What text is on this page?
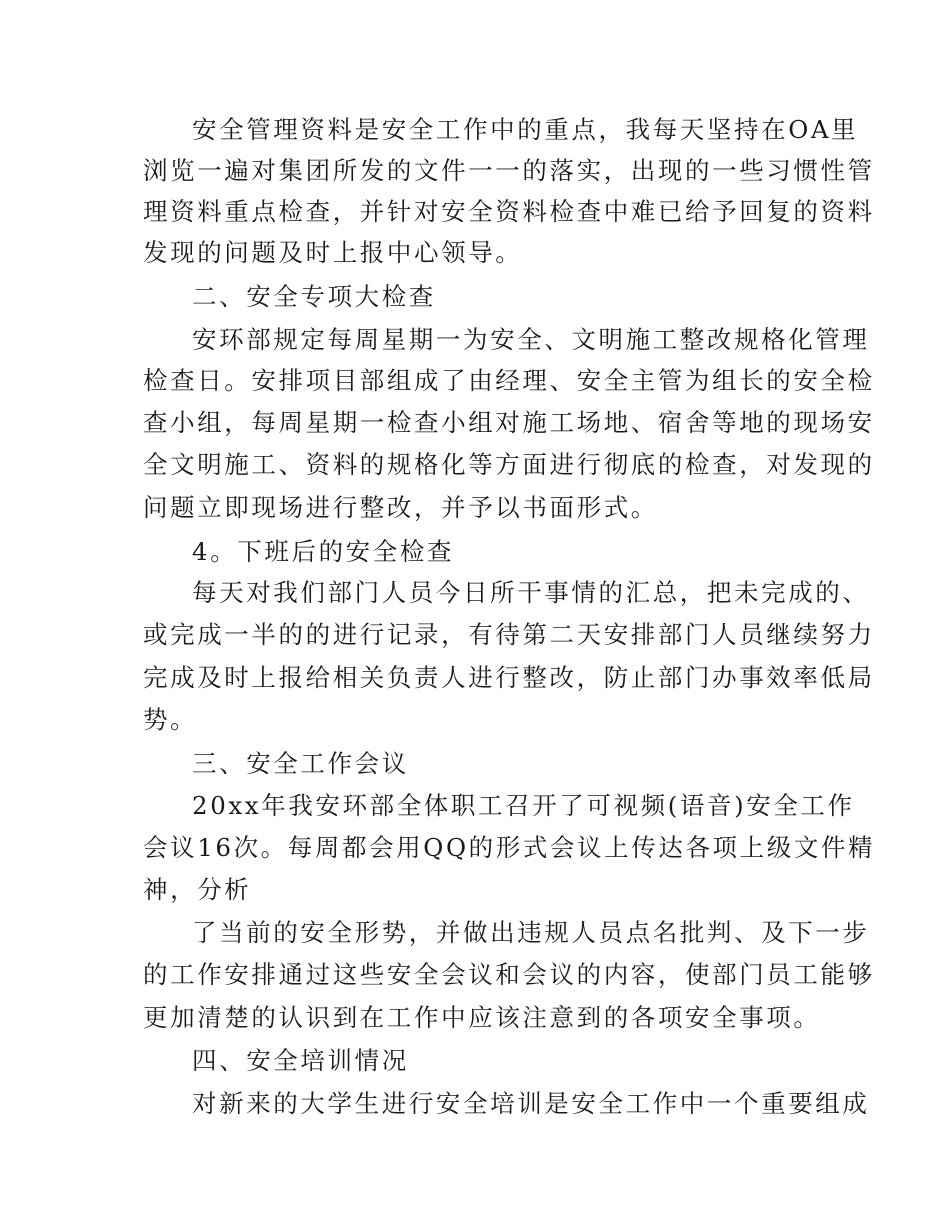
安全管理资料是安全工作中的重点，我每天坚持在OA里
浏览一遍对集团所发的文件一一的落实，出现的一些习惯性管
理资料重点检查，并针对安全资料检查中难已给予回复的资料
发现的问题及时上报中心领导。
二、安全专项大检查
安环部规定每周星期一为安全、文明施工整改规格化管理
检查日。安排项目部组成了由经理、安全主管为组长的安全检
查小组，每周星期一检查小组对施工场地、宿舍等地的现场安
全文明施工、资料的规格化等方面进行彻底的检查，对发现的
问题立即现场进行整改，并予以书面形式。
4。下班后的安全检查
每天对我们部门人员今日所干事情的汇总，把未完成的、
或完成一半的的进行记录，有待第二天安排部门人员继续努力
完成及时上报给相关负责人进行整改，防止部门办事效率低局
势。
三、安全工作会议
20xx年我安环部全体职工召开了可视频(语音)安全工作
会议16次。每周都会用QQ的形式会议上传达各项上级文件精
神，分析
了当前的安全形势，并做出违规人员点名批判、及下一步
的工作安排通过这些安全会议和会议的内容，使部门员工能够
更加清楚的认识到在工作中应该注意到的各项安全事项。
四、安全培训情况
对新来的大学生进行安全培训是安全工作中一个重要组成
